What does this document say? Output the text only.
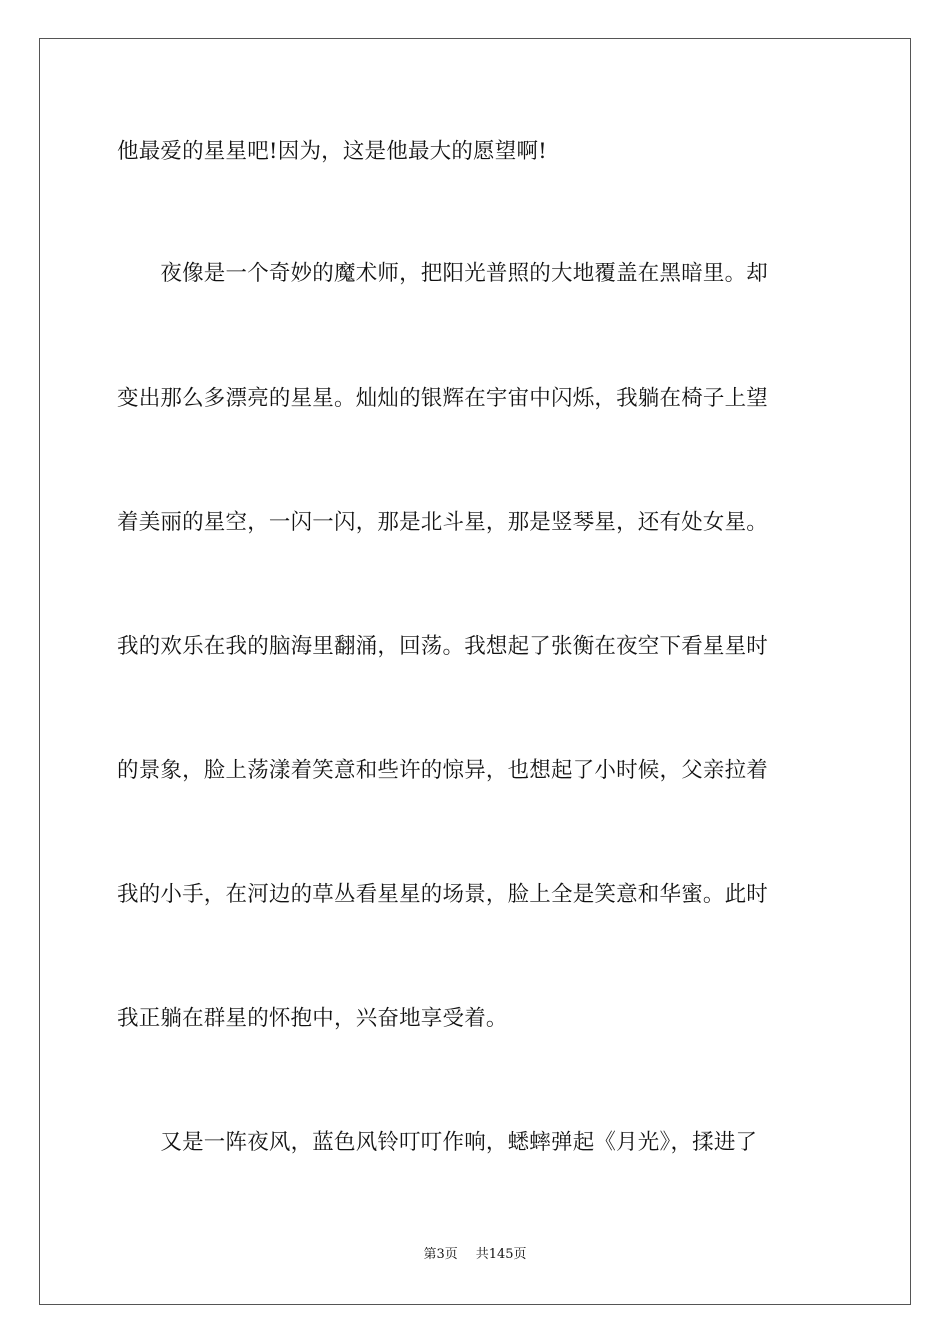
他最爱的星星吧!因为，这是他最大的愿望啊!
　　夜像是一个奇妙的魔术师，把阳光普照的大地覆盖在黑暗里。却
变出那么多漂亮的星星。灿灿的银辉在宇宙中闪烁，我躺在椅子上望
着美丽的星空，一闪一闪，那是北斗星，那是竖琴星，还有处女星。
我的欢乐在我的脑海里翻涌，回荡。我想起了张衡在夜空下看星星时
的景象，脸上荡漾着笑意和些许的惊异，也想起了小时候，父亲拉着
我的小手，在河边的草丛看星星的场景，脸上全是笑意和华蜜。此时
我正躺在群星的怀抱中，兴奋地享受着。
　　又是一阵夜风，蓝色风铃叮叮作响，蟋蟀弹起《月光》，揉进了
第3页 共145页
